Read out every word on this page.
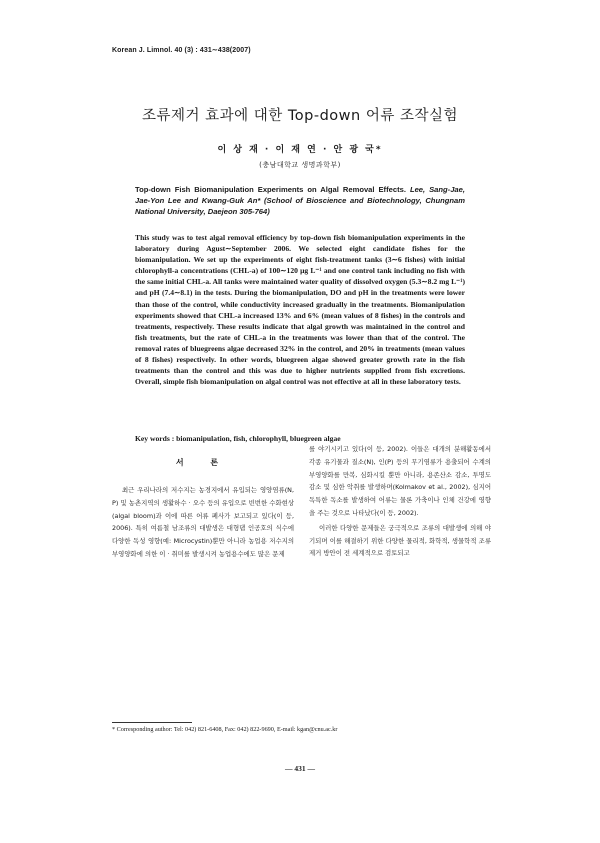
Korean J. Limnol. 40 (3) : 431∼438(2007)
조류제거 효과에 대한 Top-down 어류 조작실험
이 상 재 · 이 재 연 · 안 광 국*
(충남대학교 생명과학부)
Top-down Fish Biomanipulation Experiments on Algal Removal Effects. Lee, Sang-Jae, Jae-Yon Lee and Kwang-Guk An* (School of Bioscience and Biotechnology, Chungnam National University, Daejeon 305-764)

This study was to test algal removal efficiency by top-down fish biomanipulation experiments in the laboratory during Agust∼September 2006. We selected eight candidate fishes for the biomanipulation. We set up the experiments of eight fish-treatment tanks (3∼6 fishes) with initial chlorophyll-a concentrations (CHL-a) of 100∼120 μg L⁻¹ and one control tank including no fish with the same initial CHL-a. All tanks were maintained water quality of dissolved oxygen (5.3∼8.2 mg L⁻¹) and pH (7.4∼8.1) in the tests. During the biomanipulation, DO and pH in the treatments were lower than those of the control, while conductivity increased gradually in the treatments. Biomanipulation experiments showed that CHL-a increased 13% and 6% (mean values of 8 fishes) in the controls and treatments, respectively. These results indicate that algal growth was maintained in the control and fish treatments, but the rate of CHL-a in the treatments was lower than that of the control. The removal rates of bluegreens algae decreased 32% in the control, and 20% in treatments (mean values of 8 fishes) respectively. In other words, bluegreen algae showed greater growth rate in the fish treatments than the control and this was due to higher nutrients supplied from fish excretions. Overall, simple fish biomanipulation on algal control was not effective at all in these laboratory tests.

Key words : biomanipulation, fish, chlorophyll, bluegreen algae
서 론

최근 우리나라의 저수지는 농경지에서 유입되는 영양염류(N, P) 및 농촌지역의 생활하수 · 오수 등의 유입으로 빈번한 수화현상(algal bloom)과 이에 따른 어류 폐사가 보고되고 있다(이 등, 2006). 특히 여름철 남조류의 대발생은 대형댐 인공호의 식수에 다양한 독성 영향(예: Microcystin)뿐만 아니라 농업용 저수지의 부영양화에 의한 이 · 취미를 발생시켜 농업용수에도 많은 문제

를 야기시키고 있다(이 등, 2002). 이들은 대개의 분해활동에서 각종 유기물과 질소(N), 인(P) 등의 무기염류가 용출되어 수계의 부영양화를 만복, 심화시킬 뿐만 아니라, 용존산소 감소, 투명도 감소 및 심한 악취를 발생하며(Kolmakov et al., 2002), 심지어 독특한 독소를 발생하여 어류는 물론 가축이나 인체 건강에 영향을 주는 것으로 나타났다(이 등, 2002).

이러한 다양한 문제들은 궁극적으로 조류의 대발생에 의해 야기되며 이를 해결하기 위한 다양한 물리적, 화학적, 생물학적 조류제거 방안이 전 세계적으로 검토되고

* Corresponding author: Tel: 042) 821-6408, Fax: 042) 822-9690, E-mail: kgan@cnu.ac.kr
— 431 —
